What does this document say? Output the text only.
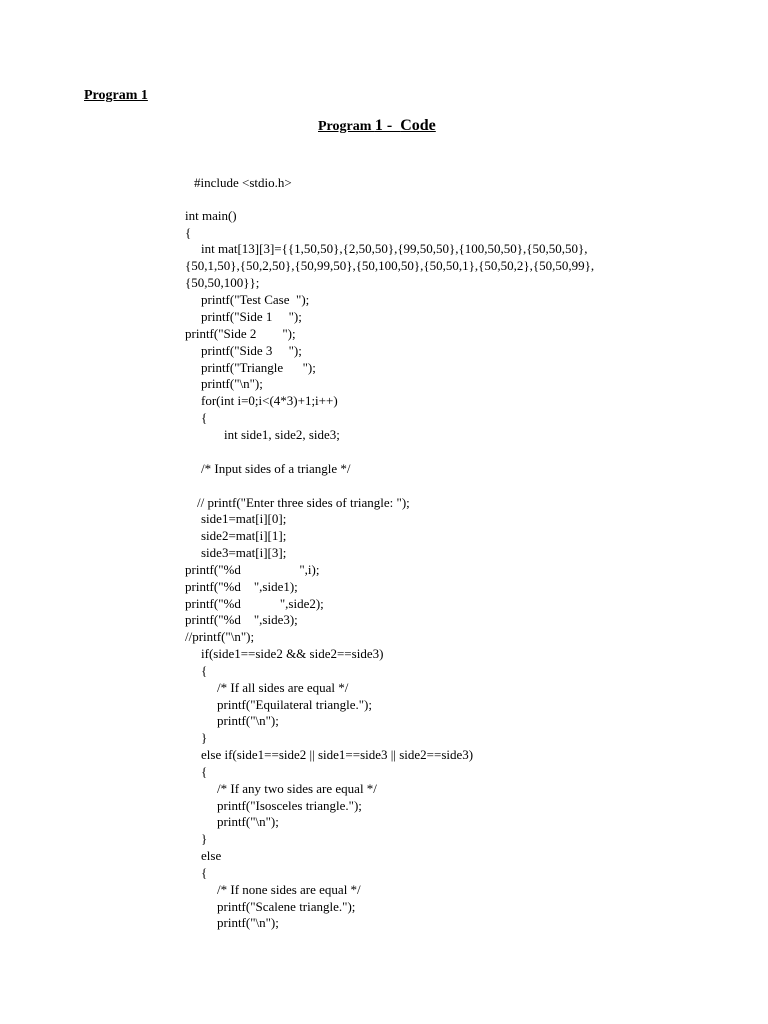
Program 1
Program 1 -  Code
#include <stdio.h>
int main()
{
int mat[13][3]={{1,50,50},{2,50,50},{99,50,50},{100,50,50},{50,50,50},
{50,1,50},{50,2,50},{50,99,50},{50,100,50},{50,50,1},{50,50,2},{50,50,99},
{50,50,100}};
printf("Test Case  ");
printf("Side 1     ");
printf("Side 2        ");
printf("Side 3     ");
printf("Triangle      ");
printf("\n");
for(int i=0;i<(4*3)+1;i++)
{
int side1, side2, side3;
/* Input sides of a triangle */
// printf("Enter three sides of triangle: ");
side1=mat[i][0];
side2=mat[i][1];
side3=mat[i][3];
printf("%d                  ",i);
printf("%d    ",side1);
printf("%d            ",side2);
printf("%d    ",side3);
//printf("\n");
if(side1==side2 && side2==side3)
{
/* If all sides are equal */
printf("Equilateral triangle.");
printf("\n");
}
else if(side1==side2 || side1==side3 || side2==side3)
{
/* If any two sides are equal */
printf("Isosceles triangle.");
printf("\n");
}
else
{
/* If none sides are equal */
printf("Scalene triangle.");
printf("\n");
